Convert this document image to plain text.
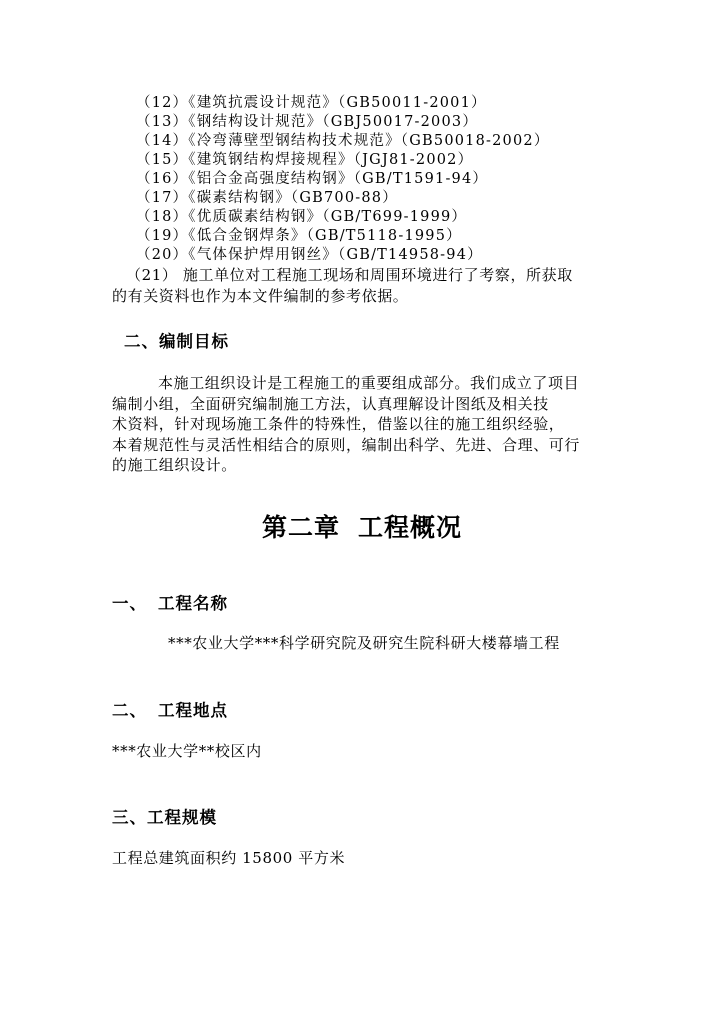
（12）《建筑抗震设计规范》（GB50011-2001）
（13）《钢结构设计规范》（GBJ50017-2003）
（14）《冷弯薄壁型钢结构技术规范》（GB50018-2002）
（15）《建筑钢结构焊接规程》（JGJ81-2002）
（16）《铝合金高强度结构钢》（GB/T1591-94）
（17）《碳素结构钢》（GB700-88）
（18）《优质碳素结构钢》（GB/T699-1999）
（19）《低合金钢焊条》（GB/T5118-1995）
（20）《气体保护焊用钢丝》（GB/T14958-94）

（21） 施工单位对工程施工现场和周围环境进行了考察，所获取
的有关资料也作为本文件编制的参考依据。

二、编制目标

本施工组织设计是工程施工的重要组成部分。我们成立了项目
编制小组，全面研究编制施工方法，认真理解设计图纸及相关技
术资料，针对现场施工条件的特殊性，借鉴以往的施工组织经验，
本着规范性与灵活性相结合的原则，编制出科学、先进、合理、可行
的施工组织设计。

第二章 工程概况
一、 工程名称

***农业大学***科学研究院及研究生院科研大楼幕墙工程

二、 工程地点

***农业大学**校区内

三、工程规模

工程总建筑面积约 15800 平方米
